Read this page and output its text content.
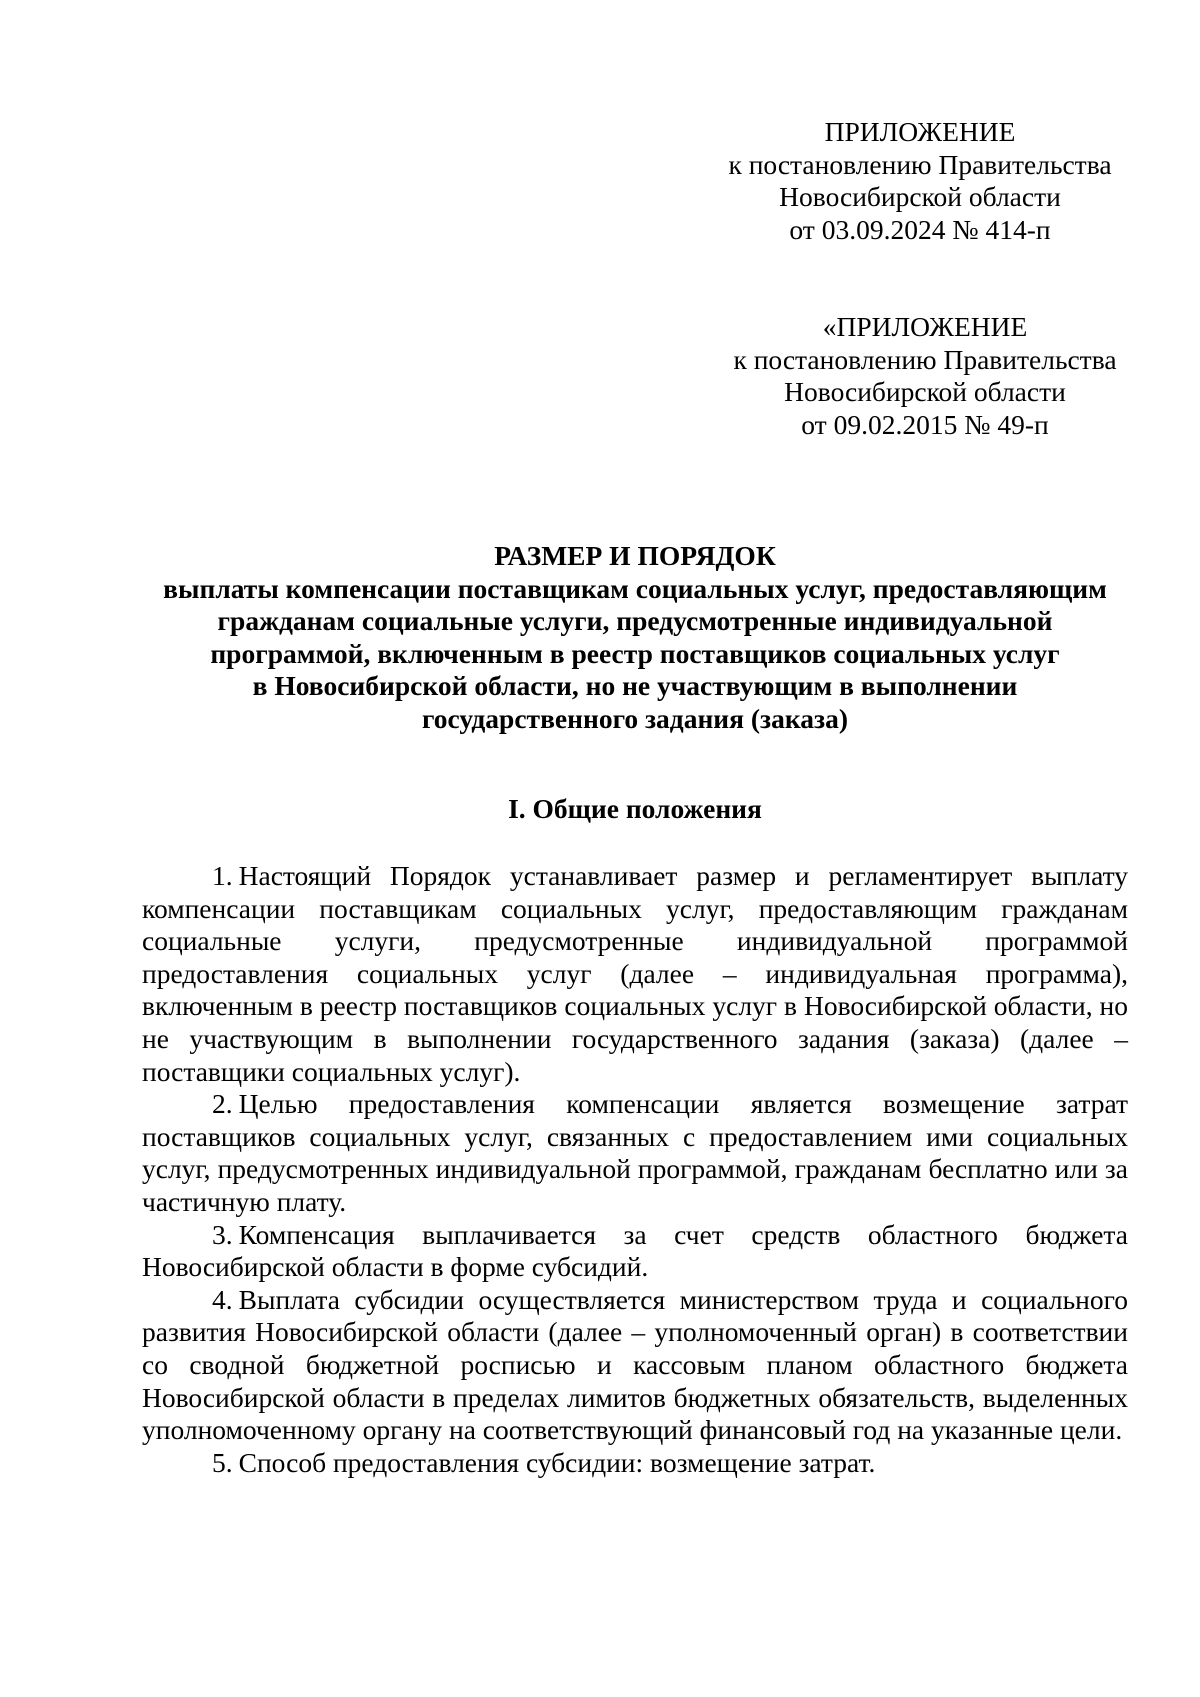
ПРИЛОЖЕНИЕ
к постановлению Правительства
Новосибирской области
от 03.09.2024 № 414-п
«ПРИЛОЖЕНИЕ
к постановлению Правительства
Новосибирской области
от 09.02.2015 № 49-п
РАЗМЕР И ПОРЯДОК
выплаты компенсации поставщикам социальных услуг, предоставляющим
гражданам социальные услуги, предусмотренные индивидуальной
программой, включенным в реестр поставщиков социальных услуг
в Новосибирской области, но не участвующим в выполнении
государственного задания (заказа)
I. Общие положения

1. Настоящий Порядок устанавливает размер и регламентирует выплату компенсации поставщикам социальных услуг, предоставляющим гражданам социальные услуги, предусмотренные индивидуальной программой предоставления социальных услуг (далее – индивидуальная программа), включенным в реестр поставщиков социальных услуг в Новосибирской области, но не участвующим в выполнении государственного задания (заказа) (далее – поставщики социальных услуг).

2. Целью предоставления компенсации является возмещение затрат поставщиков социальных услуг, связанных с предоставлением ими социальных услуг, предусмотренных индивидуальной программой, гражданам бесплатно или за частичную плату.

3. Компенсация выплачивается за счет средств областного бюджета Новосибирской области в форме субсидий.

4. Выплата субсидии осуществляется министерством труда и социального развития Новосибирской области (далее – уполномоченный орган) в соответствии со сводной бюджетной росписью и кассовым планом областного бюджета Новосибирской области в пределах лимитов бюджетных обязательств, выделенных уполномоченному органу на соответствующий финансовый год на указанные цели.

5. Способ предоставления субсидии: возмещение затрат.
